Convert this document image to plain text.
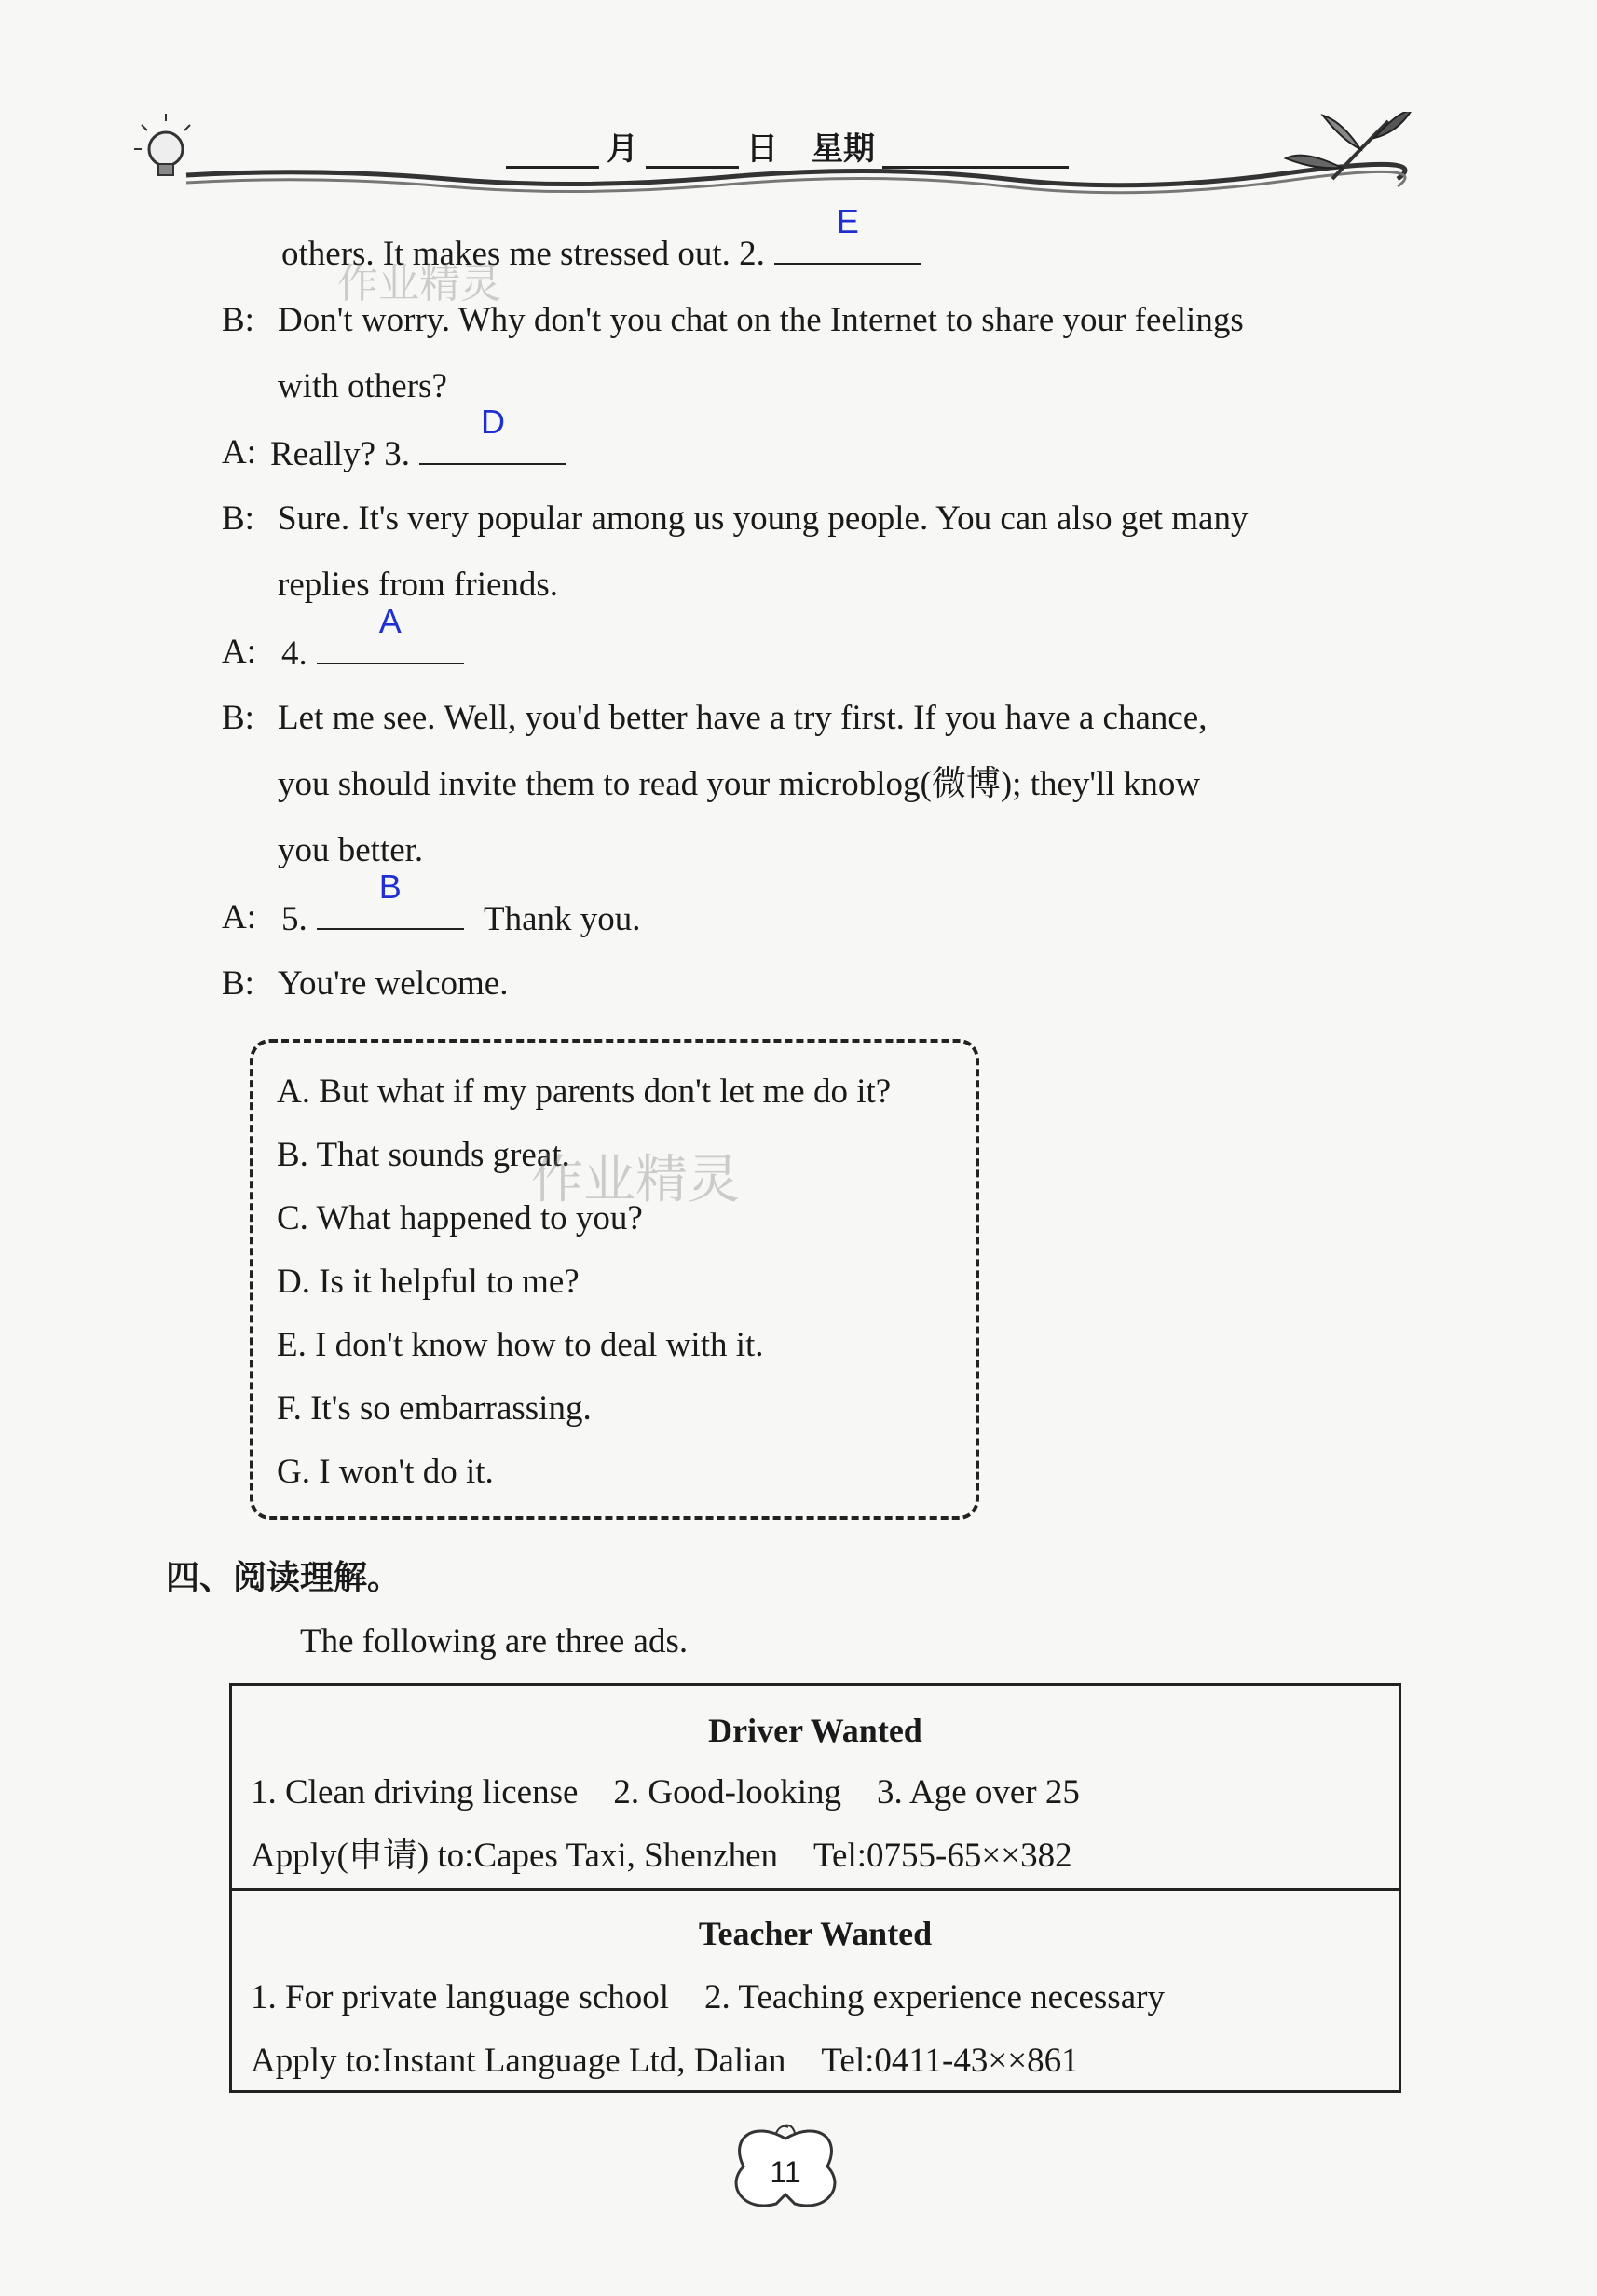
月	日 星期
others. It makes me stressed out. 2.
E
B: Don't worry. Why don't you chat on the Internet to share your feelings
with others?
A: Really? 3.
D
B: Sure. It's very popular among us young people. You can also get many
replies from friends.
A: 4.
A
B: Let me see. Well, you'd better have a try first. If you have a chance,
you should invite them to read your microblog(微博); they'll know
you better.
A: 5.
B
Thank you.
B: You're welcome.
A. But what if my parents don't let me do it?
B. That sounds great.
C. What happened to you?
D. Is it helpful to me?
E. I don't know how to deal with it.
F. It's so embarrassing.
G. I won't do it.
四、阅读理解。
The following are three ads.
Driver Wanted
1. Clean driving license 2. Good-looking 3. Age over 25
Apply(申请) to:Capes Taxi, Shenzhen Tel:0755-65××382
Teacher Wanted
1. For private language school 2. Teaching experience necessary
Apply to:Instant Language Ltd, Dalian Tel:0411-43××861
11
作业精灵
作业精灵
